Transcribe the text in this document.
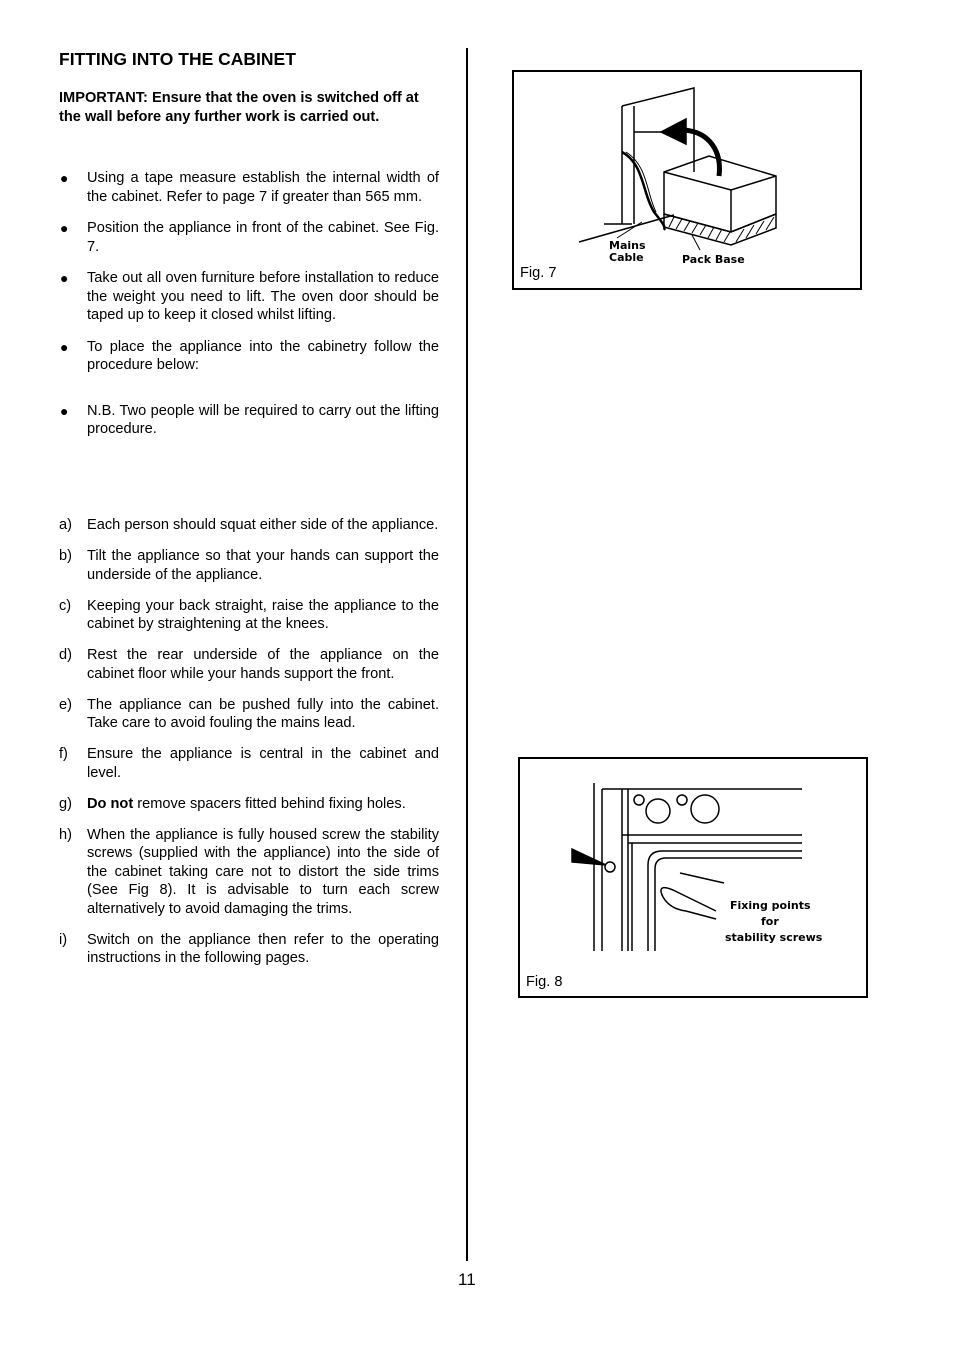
FITTING INTO THE CABINET

IMPORTANT: Ensure that the oven is switched off at the wall before any further work is carried out.

● Using a tape measure establish the internal width of the cabinet. Refer to page 7 if greater than 565 mm.
● Position the appliance in front of the cabinet. See Fig. 7.
● Take out all oven furniture before installation to reduce the weight you need to lift. The oven door should be taped up to keep it closed whilst lifting.
● To place the appliance into the cabinetry follow the procedure below:
● N.B. Two people will be required to carry out the lifting procedure.
a) Each person should squat either side of the appliance.
b) Tilt the appliance so that your hands can support the underside of the appliance.
c) Keeping your back straight, raise the appliance to the cabinet by straightening at the knees.
d) Rest the rear underside of the appliance on the cabinet floor while your hands support the front.
e) The appliance can be pushed fully into the cabinet. Take care to avoid fouling the mains lead.
f) Ensure the appliance is central in the cabinet and level.
g) Do not remove spacers fitted behind fixing holes.
h) When the appliance is fully housed screw the stability screws (supplied with the appliance) into the side of the cabinet taking care not to distort the side trims (See Fig 8). It is advisable to turn each screw alternatively to avoid damaging the trims.
i) Switch on the appliance then refer to the operating instructions in the following pages.
Mains
Cable	Pack Base
Fig. 7
Fixing points
for
stability screws
Fig. 8
11
